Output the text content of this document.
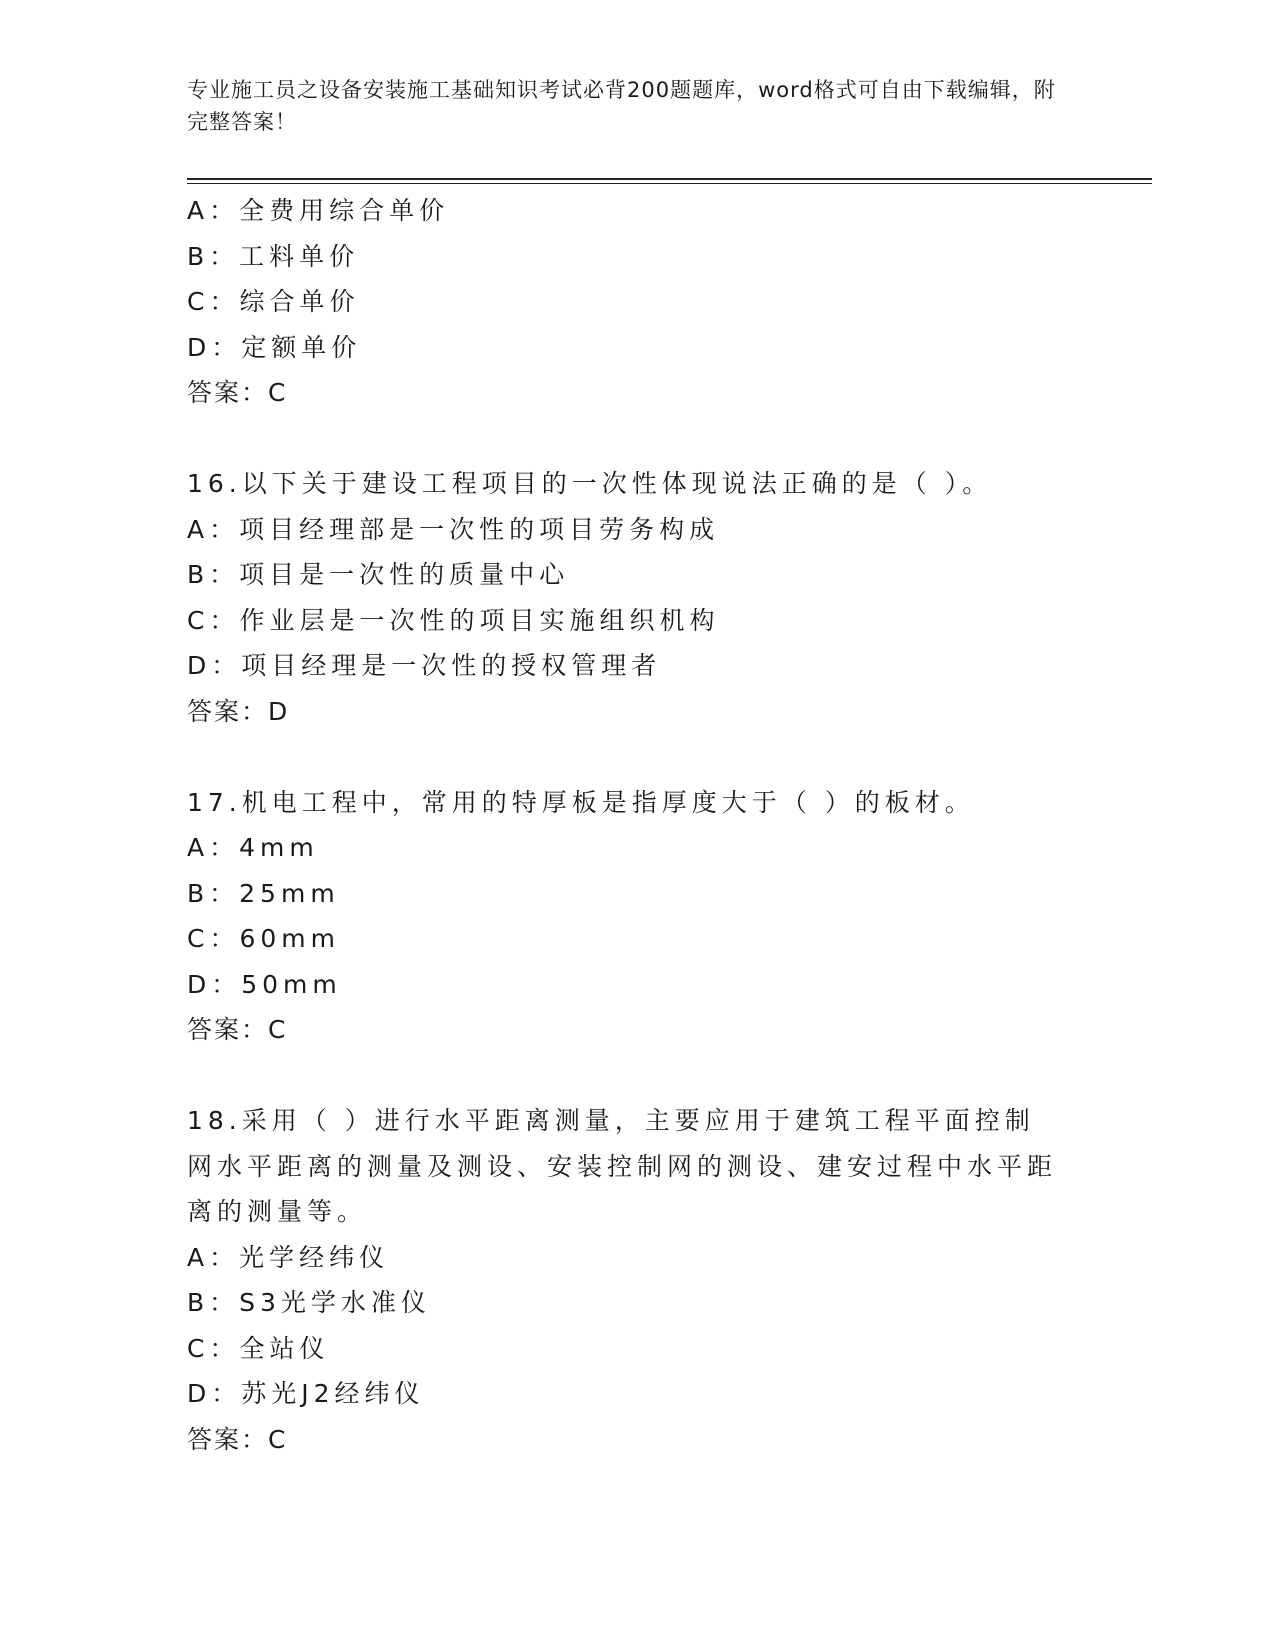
专业施工员之设备安装施工基础知识考试必背200题题库，word格式可自由下载编辑，附完整答案！
A：全费用综合单价
B：工料单价
C：综合单价
D：定额单价
答案：C
16.以下关于建设工程项目的一次性体现说法正确的是（ ）。
A：项目经理部是一次性的项目劳务构成
B：项目是一次性的质量中心
C：作业层是一次性的项目实施组织机构
D：项目经理是一次性的授权管理者
答案：D
17.机电工程中，常用的特厚板是指厚度大于（ ）的板材。
A：4mm
B：25mm
C：60mm
D：50mm
答案：C
18.采用（ ）进行水平距离测量，主要应用于建筑工程平面控制网水平距离的测量及测设、安装控制网的测设、建安过程中水平距离的测量等。
A：光学经纬仪
B：S3光学水准仪
C：全站仪
D：苏光J2经纬仪
答案：C
